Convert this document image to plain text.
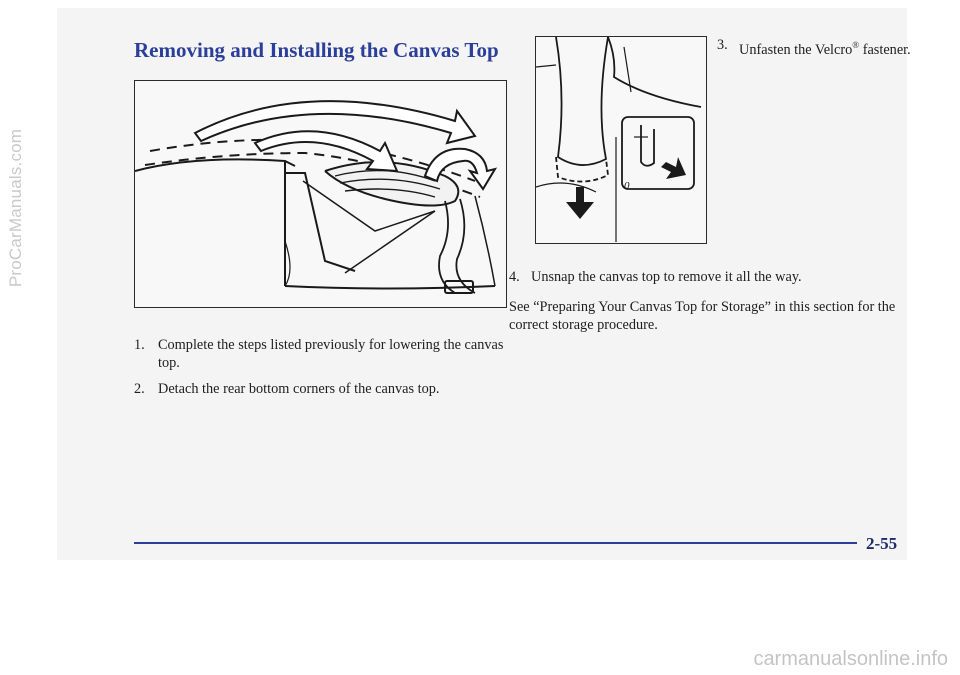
ProCarManuals.com
Removing and Installing the Canvas Top
0
1. Complete the steps listed previously for lowering the canvas top.
2. Detach the rear bottom corners of the canvas top.
3. Unfasten the Velcro® fastener.
4. Unsnap the canvas top to remove it all the way.
See “Preparing Your Canvas Top for Storage” in this section for the correct storage procedure.
2-55
carmanualsonline.info
